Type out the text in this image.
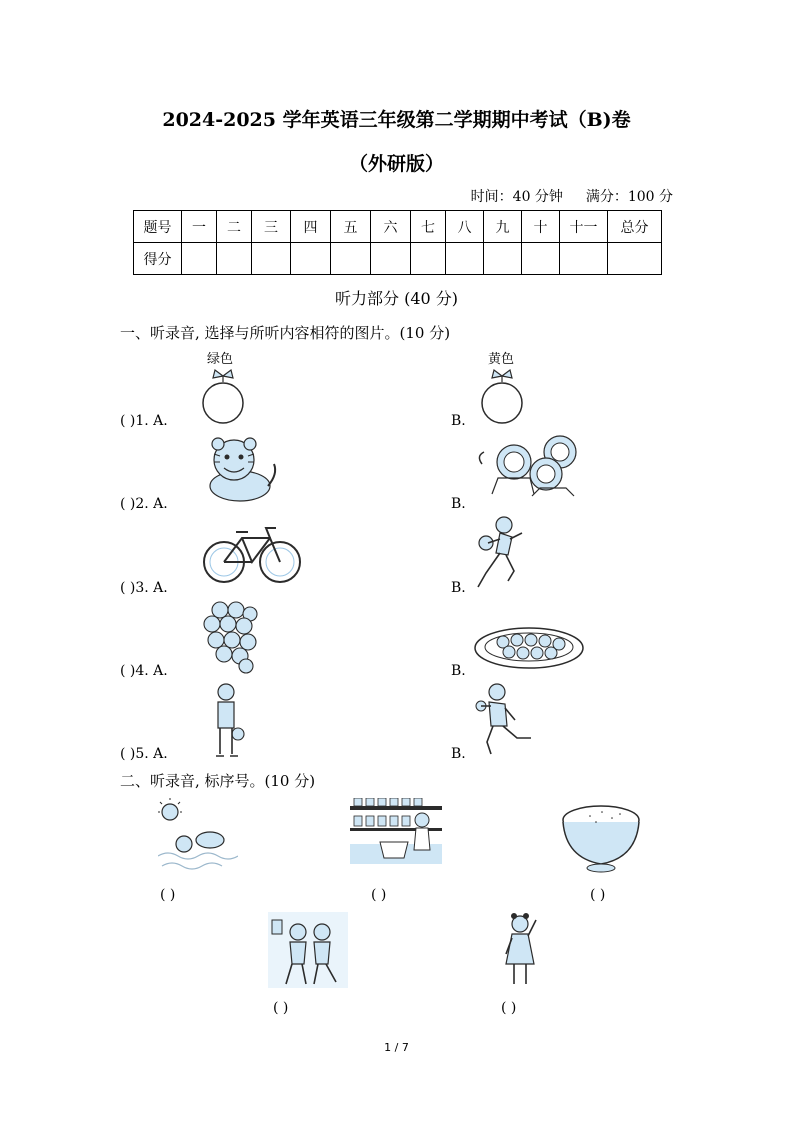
2024-2025 学年英语三年级第二学期期中考试（B)卷
（外研版）
时间：40 分钟 满分：100 分
题号	一	二	三	四	五	六	七	八	九	十	十一	总分
得分												
听力部分 (40 分)
一、听录音, 选择与所听内容相符的图片。(10 分)
绿色	黄色
( )1. A.	B.
( )2. A.	B.
( )3. A.	B.
( )4. A.	B.
( )5. A.	B.
二、听录音, 标序号。(10 分)
( )	( )	( )
( )	( )
1 / 7
